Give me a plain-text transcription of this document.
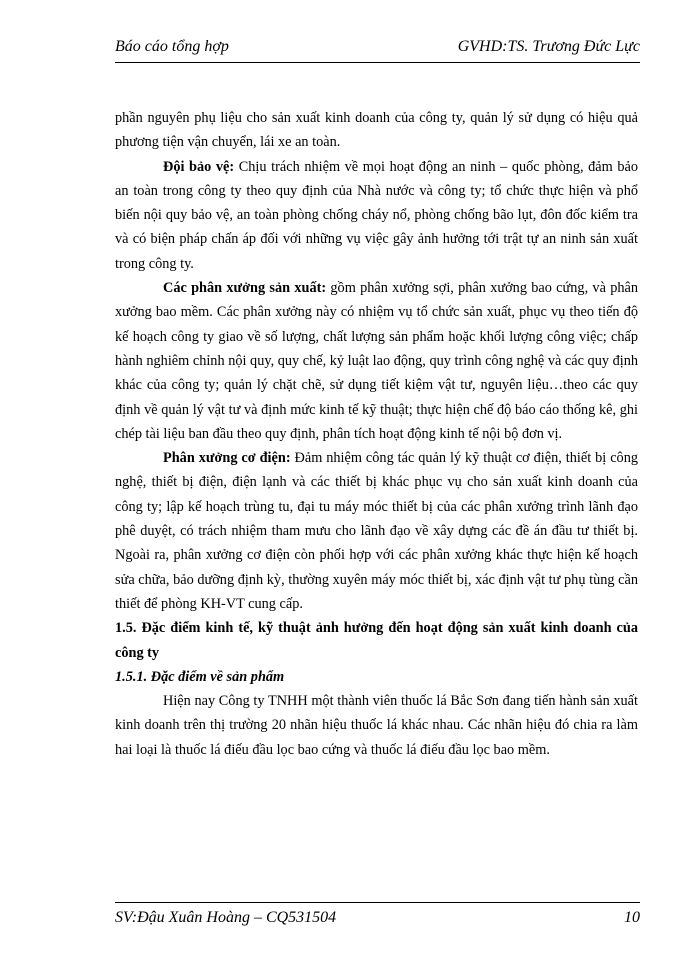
Báo cáo tổng hợp	GVHD:TS. Trương Đức Lực

phần nguyên phụ liệu cho sản xuất kinh doanh của công ty, quản lý sử dụng có hiệu quả phương tiện vận chuyển, lái xe an toàn.

Đội bảo vệ: Chịu trách nhiệm về mọi hoạt động an ninh – quốc phòng, đảm bảo an toàn trong công ty theo quy định của Nhà nước và công ty; tổ chức thực hiện và phổ biến nội quy bảo vệ, an toàn phòng chống cháy nổ, phòng chống bão lụt, đôn đốc kiểm tra và có biện pháp chấn áp đối với những vụ việc gây ảnh hưởng tới trật tự an ninh sản xuất trong công ty.

Các phân xưởng sản xuất: gồm phân xưởng sợi, phân xưởng bao cứng, và phân xưởng bao mềm. Các phân xưởng này có nhiệm vụ tổ chức sản xuất, phục vụ theo tiến độ kế hoạch công ty giao về số lượng, chất lượng sản phẩm hoặc khối lượng công việc; chấp hành nghiêm chỉnh nội quy, quy chế, kỷ luật lao động, quy trình công nghệ và các quy định khác của công ty; quản lý chặt chẽ, sử dụng tiết kiệm vật tư, nguyên liệu…theo các quy định về quản lý vật tư và định mức kinh tế kỹ thuật; thực hiện chế độ báo cáo thống kê, ghi chép tài liệu ban đầu theo quy định, phân tích hoạt động kinh tế nội bộ đơn vị.

Phân xưởng cơ điện: Đảm nhiệm công tác quản lý kỹ thuật cơ điện, thiết bị công nghệ, thiết bị điện, điện lạnh và các thiết bị khác phục vụ cho sản xuất kinh doanh của công ty; lập kế hoạch trùng tu, đại tu máy móc thiết bị của các phân xưởng trình lãnh đạo phê duyệt, có trách nhiệm tham mưu cho lãnh đạo về xây dựng các đề án đầu tư thiết bị. Ngoài ra, phân xưởng cơ điện còn phối hợp với các phân xưởng khác thực hiện kế hoạch sửa chữa, bảo dưỡng định kỳ, thường xuyên máy móc thiết bị, xác định vật tư phụ tùng cần thiết để phòng KH-VT cung cấp.

1.5. Đặc điểm kinh tế, kỹ thuật ảnh hưởng đến hoạt động sản xuất kinh doanh của công ty

1.5.1. Đặc điểm về sản phẩm

Hiện nay Công ty TNHH một thành viên thuốc lá Bắc Sơn đang tiến hành sản xuất kinh doanh trên thị trường 20 nhãn hiệu thuốc lá khác nhau. Các nhãn hiệu đó chia ra làm hai loại là thuốc lá điếu đầu lọc bao cứng và thuốc lá điếu đầu lọc bao mềm.

SV:Đậu Xuân Hoàng – CQ531504	10
